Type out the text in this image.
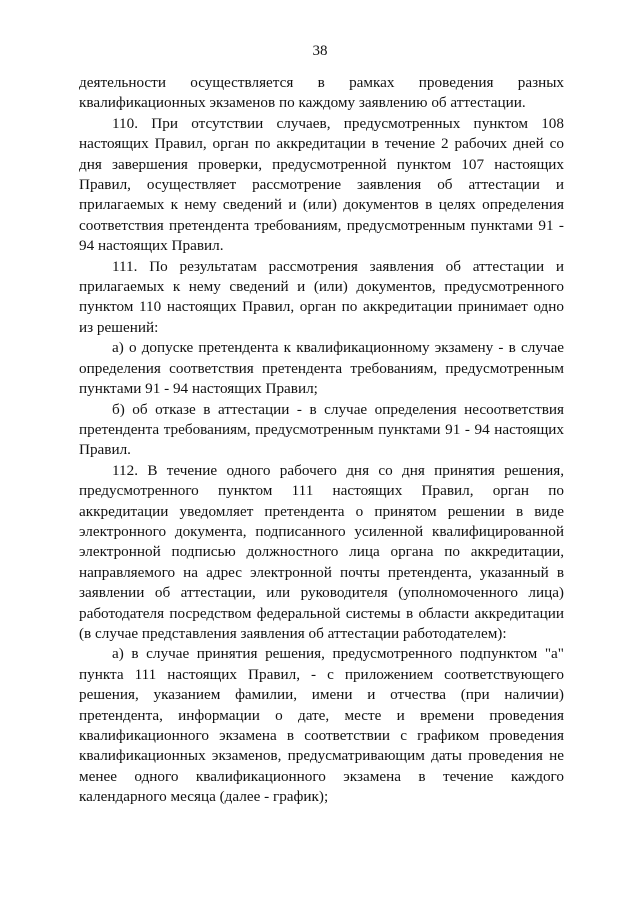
38

деятельности осуществляется в рамках проведения разных квалификационных экзаменов по каждому заявлению об аттестации.

110. При отсутствии случаев, предусмотренных пунктом 108 настоящих Правил, орган по аккредитации в течение 2 рабочих дней со дня завершения проверки, предусмотренной пунктом 107 настоящих Правил, осуществляет рассмотрение заявления об аттестации и прилагаемых к нему сведений и (или) документов в целях определения соответствия претендента требованиям, предусмотренным пунктами 91 - 94 настоящих Правил.

111. По результатам рассмотрения заявления об аттестации и прилагаемых к нему сведений и (или) документов, предусмотренного пунктом 110 настоящих Правил, орган по аккредитации принимает одно из решений:

а) о допуске претендента к квалификационному экзамену - в случае определения соответствия претендента требованиям, предусмотренным пунктами 91 - 94 настоящих Правил;

б) об отказе в аттестации - в случае определения несоответствия претендента требованиям, предусмотренным пунктами 91 - 94 настоящих Правил.

112. В течение одного рабочего дня со дня принятия решения, предусмотренного пунктом 111 настоящих Правил, орган по аккредитации уведомляет претендента о принятом решении в виде электронного документа, подписанного усиленной квалифицированной электронной подписью должностного лица органа по аккредитации, направляемого на адрес электронной почты претендента, указанный в заявлении об аттестации, или руководителя (уполномоченного лица) работодателя посредством федеральной системы в области аккредитации (в случае представления заявления об аттестации работодателем):

а) в случае принятия решения, предусмотренного подпунктом "а" пункта 111 настоящих Правил, - с приложением соответствующего решения, указанием фамилии, имени и отчества (при наличии) претендента, информации о дате, месте и времени проведения квалификационного экзамена в соответствии с графиком проведения квалификационных экзаменов, предусматривающим даты проведения не менее одного квалификационного экзамена в течение каждого календарного месяца (далее - график);
